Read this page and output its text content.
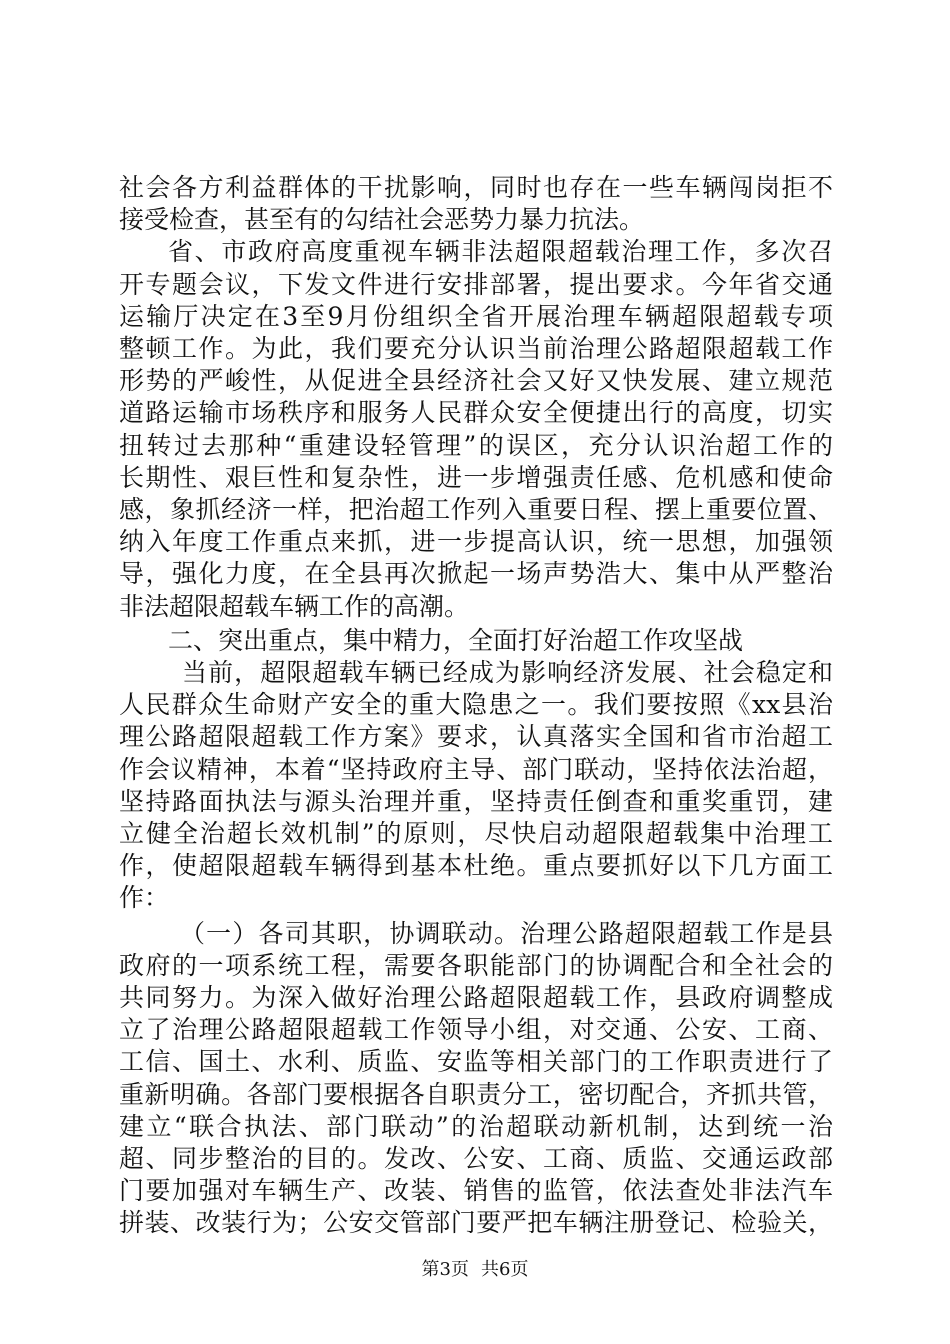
社会各方利益群体的干扰影响，同时也存在一些车辆闯岗拒不
接受检查，甚至有的勾结社会恶势力暴力抗法。
省、市政府高度重视车辆非法超限超载治理工作，多次召
开专题会议，下发文件进行安排部署，提出要求。今年省交通
运输厅决定在3至9月份组织全省开展治理车辆超限超载专项
整顿工作。为此，我们要充分认识当前治理公路超限超载工作
形势的严峻性，从促进全县经济社会又好又快发展、建立规范
道路运输市场秩序和服务人民群众安全便捷出行的高度，切实
扭转过去那种“重建设轻管理”的误区，充分认识治超工作的
长期性、艰巨性和复杂性，进一步增强责任感、危机感和使命
感，象抓经济一样，把治超工作列入重要日程、摆上重要位置、
纳入年度工作重点来抓，进一步提高认识，统一思想，加强领
导，强化力度，在全县再次掀起一场声势浩大、集中从严整治
非法超限超载车辆工作的高潮。
二、突出重点，集中精力，全面打好治超工作攻坚战
当前，超限超载车辆已经成为影响经济发展、社会稳定和
人民群众生命财产安全的重大隐患之一。我们要按照《xx县治
理公路超限超载工作方案》要求，认真落实全国和省市治超工
作会议精神，本着“坚持政府主导、部门联动，坚持依法治超，
坚持路面执法与源头治理并重，坚持责任倒查和重奖重罚，建
立健全治超长效机制”的原则，尽快启动超限超载集中治理工
作，使超限超载车辆得到基本杜绝。重点要抓好以下几方面工
作：
（一）各司其职，协调联动。治理公路超限超载工作是县
政府的一项系统工程，需要各职能部门的协调配合和全社会的
共同努力。为深入做好治理公路超限超载工作，县政府调整成
立了治理公路超限超载工作领导小组，对交通、公安、工商、
工信、国土、水利、质监、安监等相关部门的工作职责进行了
重新明确。各部门要根据各自职责分工，密切配合，齐抓共管，
建立“联合执法、部门联动”的治超联动新机制，达到统一治
超、同步整治的目的。发改、公安、工商、质监、交通运政部
第3页 共6页
门要加强对车辆生产、改装、销售的监管，依法查处非法汽车
拼装、改装行为；公安交管部门要严把车辆注册登记、检验关，
